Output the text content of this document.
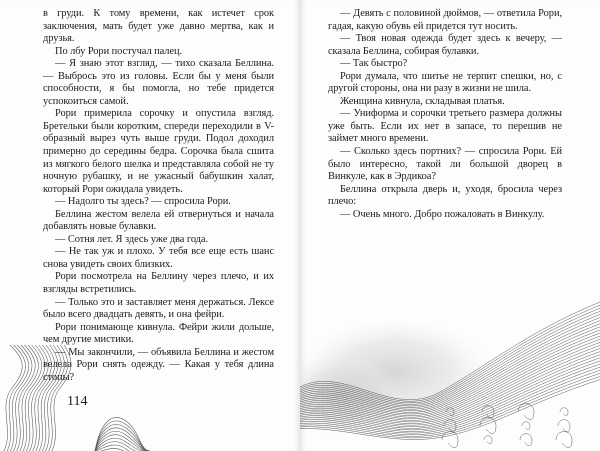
в груди. К тому времени, как истечет срок заключения, мать будет уже давно мертва, как и друзья.

По лбу Рори постучал палец.

— Я знаю этот взгляд, — тихо сказала Беллина. — Выбрось это из головы. Если бы у меня были способности, я бы помогла, но тебе придется успокоиться самой.

Рори примерила сорочку и опустила взгляд. Бретельки были коротким, спереди переходили в V-образный вырез чуть выше груди. Подол доходил примерно до середины бедра. Сорочка была сшита из мягкого белого шелка и представляла собой не ту ночную рубашку, и не ужасный бабушкин халат, который Рори ожидала увидеть.

— Надолго ты здесь? — спросила Рори.

Беллина жестом велела ей отвернуться и начала добавлять новые булавки.

— Сотня лет. Я здесь уже два года.

— Не так уж и плохо. У тебя все еще есть шанс снова увидеть своих близких.

Рори посмотрела на Беллину через плечо, и их взгляды встретились.

— Только это и заставляет меня держаться. Лексе было всего двадцать девять, и она фейри.

Рори понимающе кивнула. Фейри жили дольше, чем другие мистики.

— Мы закончили, — объявила Беллина и жестом велела Рори снять одежду. — Какая у тебя длина стопы?

114

— Девять с половиной дюймов, — ответила Рори, гадая, какую обувь ей придется тут носить.

— Твоя новая одежда будет здесь к вечеру, — сказала Беллина, собирая булавки.

— Так быстро?

Рори думала, что шитье не терпит спешки, но, с другой стороны, она ни разу в жизни не шила.

Женщина кивнула, складывая платья.

— Униформа и сорочки третьего размера должны уже быть. Если их нет в запасе, то перешив не займет много времени.

— Сколько здесь портних? — спросила Рори. Ей было интересно, такой ли большой дворец в Винкуле, как в Эрдикоа?

Беллина открыла дверь и, уходя, бросила через плечо:

— Очень много. Добро пожаловать в Винкулу.
